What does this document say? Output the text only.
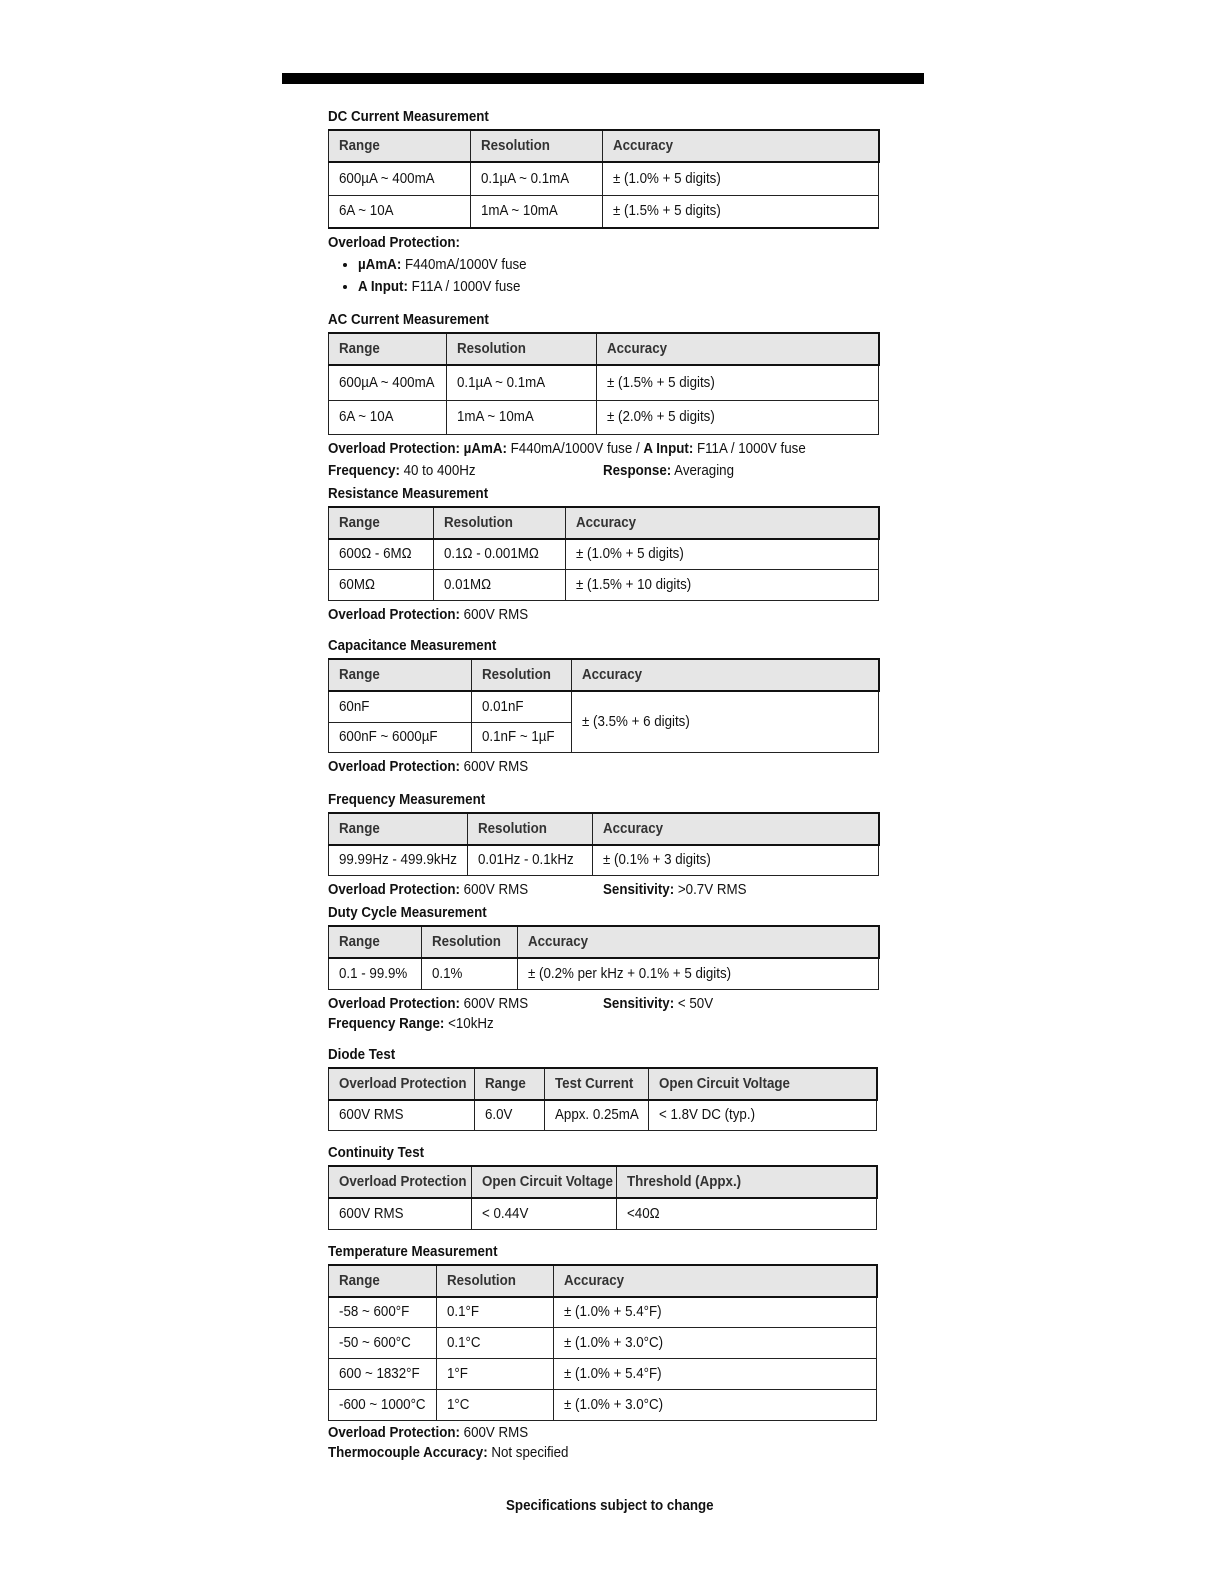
DC Current Measurement
Range	Resolution	Accuracy
600µA ~ 400mA	0.1µA ~ 0.1mA	± (1.0% + 5 digits)
6A ~ 10A	1mA ~ 10mA	± (1.5% + 5 digits)
Overload Protection:
• µAmA: F440mA/1000V fuse
• A Input: F11A / 1000V fuse
AC Current Measurement
Range	Resolution	Accuracy
600µA ~ 400mA	0.1µA ~ 0.1mA	± (1.5% + 5 digits)
6A ~ 10A	1mA ~ 10mA	± (2.0% + 5 digits)
Overload Protection: µAmA: F440mA/1000V fuse / A Input: F11A / 1000V fuse
Frequency: 40 to 400Hz	Response: Averaging
Resistance Measurement
Range	Resolution	Accuracy
600Ω - 6MΩ	0.1Ω - 0.001MΩ	± (1.0% + 5 digits)
60MΩ	0.01MΩ	± (1.5% + 10 digits)
Overload Protection: 600V RMS
Capacitance Measurement
Range	Resolution	Accuracy
60nF	0.01nF	± (3.5% + 6 digits)
600nF ~ 6000µF	0.1nF ~ 1µF	
Overload Protection: 600V RMS
Frequency Measurement
Range	Resolution	Accuracy
99.99Hz - 499.9kHz	0.01Hz - 0.1kHz	± (0.1% + 3 digits)
Overload Protection: 600V RMS	Sensitivity: >0.7V RMS
Duty Cycle Measurement
Range	Resolution	Accuracy
0.1 - 99.9%	0.1%	± (0.2% per kHz + 0.1% + 5 digits)
Overload Protection: 600V RMS	Sensitivity: < 50V
Frequency Range: <10kHz
Diode Test
Overload Protection	Range	Test Current	Open Circuit Voltage
600V RMS	6.0V	Appx. 0.25mA	< 1.8V DC (typ.)
Continuity Test
Overload Protection	Open Circuit Voltage	Threshold (Appx.)
600V RMS	< 0.44V	<40Ω
Temperature Measurement
Range	Resolution	Accuracy
-58 ~ 600°F	0.1°F	± (1.0% + 5.4°F)
-50 ~ 600°C	0.1°C	± (1.0% + 3.0°C)
600 ~ 1832°F	1°F	± (1.0% + 5.4°F)
-600 ~ 1000°C	1°C	± (1.0% + 3.0°C)
Overload Protection: 600V RMS
Thermocouple Accuracy: Not specified
Specifications subject to change
